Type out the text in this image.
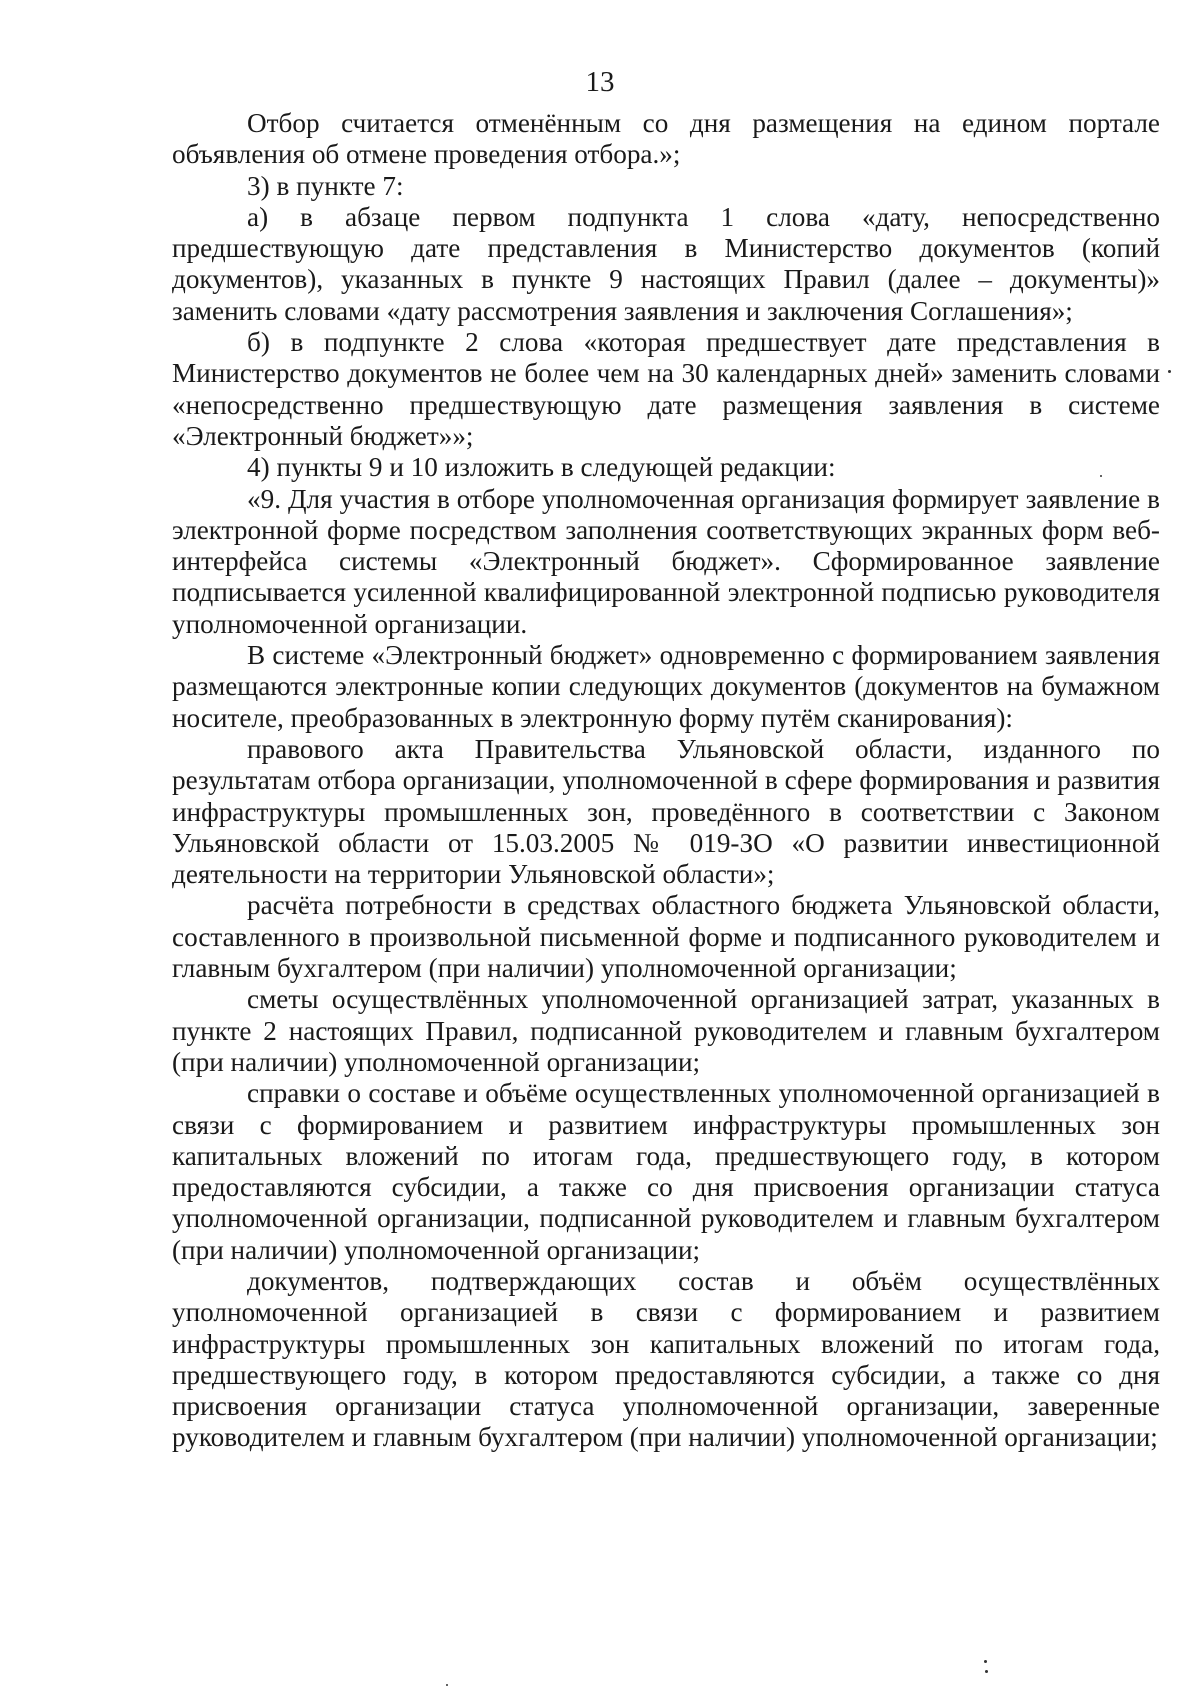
13

Отбор считается отменённым со дня размещения на едином портале объявления об отмене проведения отбора.»;

3) в пункте 7:

а) в абзаце первом подпункта 1 слова «дату, непосредственно предшествующую дате представления в Министерство документов (копий документов), указанных в пункте 9 настоящих Правил (далее – документы)» заменить словами «дату рассмотрения заявления и заключения Соглашения»;

б) в подпункте 2 слова «которая предшествует дате представления в Министерство документов не более чем на 30 календарных дней» заменить словами «непосредственно предшествующую дате размещения заявления в системе «Электронный бюджет»»;

4) пункты 9 и 10 изложить в следующей редакции:

«9. Для участия в отборе уполномоченная организация формирует заявление в электронной форме посредством заполнения соответствующих экранных форм веб-интерфейса системы «Электронный бюджет». Сформированное заявление подписывается усиленной квалифицированной электронной подписью руководителя уполномоченной организации.

В системе «Электронный бюджет» одновременно с формированием заявления размещаются электронные копии следующих документов (документов на бумажном носителе, преобразованных в электронную форму путём сканирования):

правового акта Правительства Ульяновской области, изданного по результатам отбора организации, уполномоченной в сфере формирования и развития инфраструктуры промышленных зон, проведённого в соответствии с Законом Ульяновской области от 15.03.2005 № 019-ЗО «О развитии инвестиционной деятельности на территории Ульяновской области»;

расчёта потребности в средствах областного бюджета Ульяновской области, составленного в произвольной письменной форме и подписанного руководителем и главным бухгалтером (при наличии) уполномоченной организации;

сметы осуществлённых уполномоченной организацией затрат, указанных в пункте 2 настоящих Правил, подписанной руководителем и главным бухгалтером (при наличии) уполномоченной организации;

справки о составе и объёме осуществленных уполномоченной организацией в связи с формированием и развитием инфраструктуры промышленных зон капитальных вложений по итогам года, предшествующего году, в котором предоставляются субсидии, а также со дня присвоения организации статуса уполномоченной организации, подписанной руководителем и главным бухгалтером (при наличии) уполномоченной организации;

документов, подтверждающих состав и объём осуществлённых уполномоченной организацией в связи с формированием и развитием инфраструктуры промышленных зон капитальных вложений по итогам года, предшествующего году, в котором предоставляются субсидии, а также со дня присвоения организации статуса уполномоченной организации, заверенные руководителем и главным бухгалтером (при наличии) уполномоченной организации;
